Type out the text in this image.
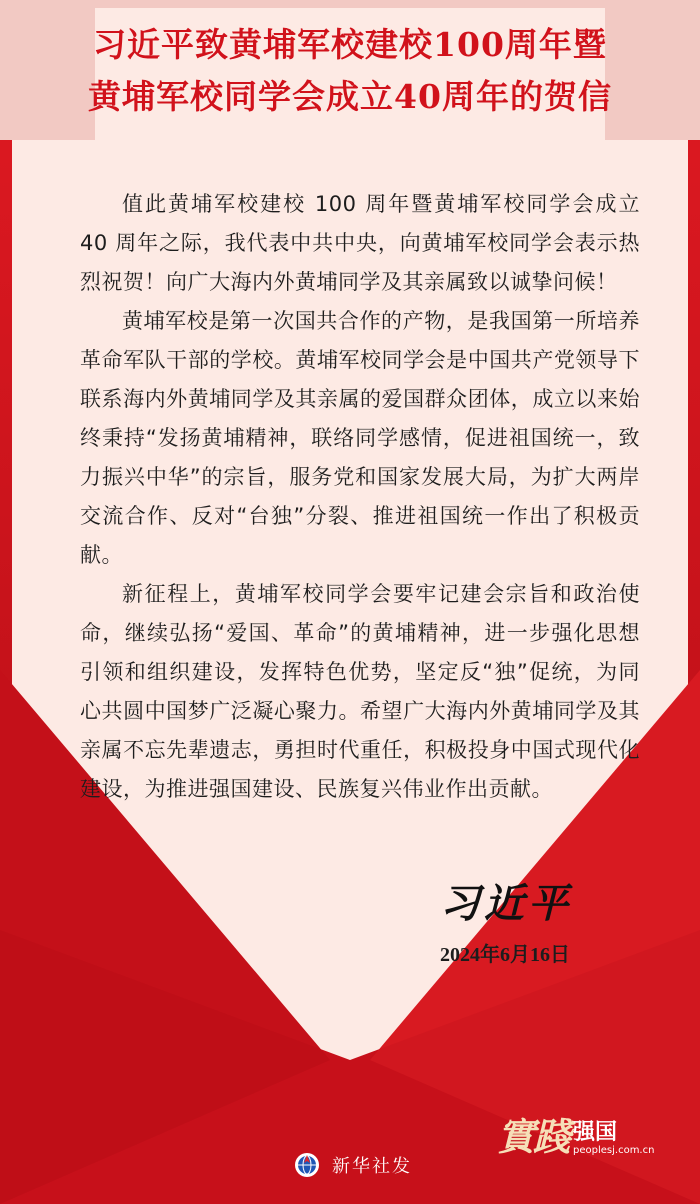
习近平致黄埔军校建校100周年暨
黄埔军校同学会成立40周年的贺信

值此黄埔军校建校 100 周年暨黄埔军校同学会成立 40 周年之际，我代表中共中央，向黄埔军校同学会表示热烈祝贺！向广大海内外黄埔同学及其亲属致以诚挚问候！

黄埔军校是第一次国共合作的产物，是我国第一所培养革命军队干部的学校。黄埔军校同学会是中国共产党领导下联系海内外黄埔同学及其亲属的爱国群众团体，成立以来始终秉持“发扬黄埔精神，联络同学感情，促进祖国统一，致力振兴中华”的宗旨，服务党和国家发展大局，为扩大两岸交流合作、反对“台独”分裂、推进祖国统一作出了积极贡献。

新征程上，黄埔军校同学会要牢记建会宗旨和政治使命，继续弘扬“爱国、革命”的黄埔精神，进一步强化思想引领和组织建设，发挥特色优势，坚定反“独”促统，为同心共圆中国梦广泛凝心聚力。希望广大海内外黄埔同学及其亲属不忘先辈遗志，勇担时代重任，积极投身中国式现代化建设，为推进强国建设、民族复兴伟业作出贡献。

习近平
2024年6月16日
實踐 强国
peoplesj.com.cn
新华社发
